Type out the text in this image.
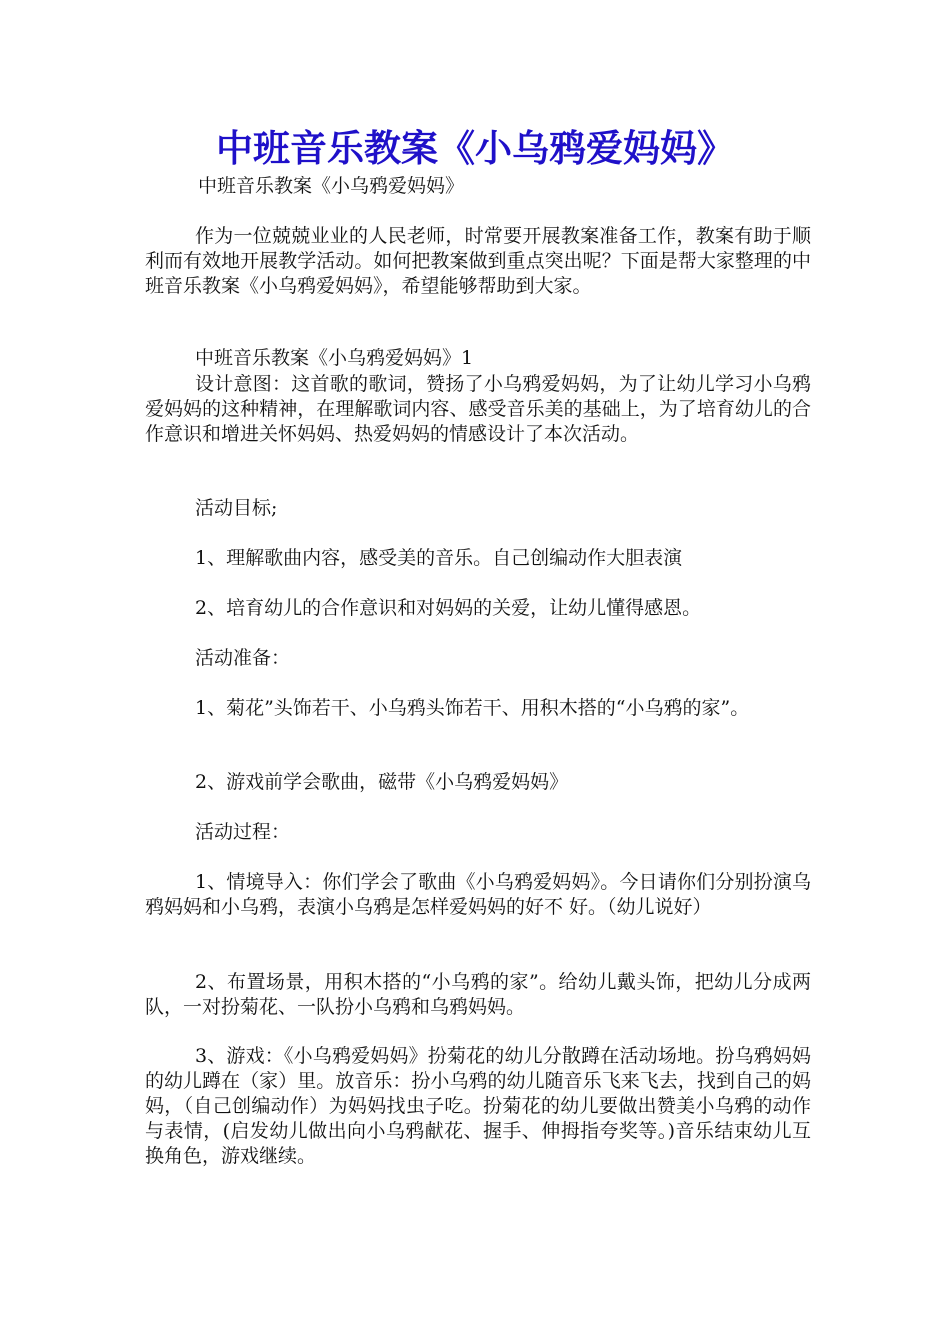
中班音乐教案《小乌鸦爱妈妈》
中班音乐教案《小乌鸦爱妈妈》

作为一位兢兢业业的人民老师，时常要开展教案准备工作，教案有助于顺利而有效地开展教学活动。如何把教案做到重点突出呢？下面是帮大家整理的中班音乐教案《小乌鸦爱妈妈》，希望能够帮助到大家。

中班音乐教案《小乌鸦爱妈妈》1

设计意图：这首歌的歌词，赞扬了小乌鸦爱妈妈，为了让幼儿学习小乌鸦爱妈妈的这种精神，在理解歌词内容、感受音乐美的基础上，为了培育幼儿的合作意识和增进关怀妈妈、热爱妈妈的情感设计了本次活动。

活动目标;

1、理解歌曲内容，感受美的音乐。自己创编动作大胆表演

2、培育幼儿的合作意识和对妈妈的关爱，让幼儿懂得感恩。

活动准备：

1、菊花”头饰若干、小乌鸦头饰若干、用积木搭的“小乌鸦的家”。

2、游戏前学会歌曲，磁带《小乌鸦爱妈妈》

活动过程：

1、情境导入：你们学会了歌曲《小乌鸦爱妈妈》。今日请你们分别扮演乌鸦妈妈和小乌鸦，表演小乌鸦是怎样爱妈妈的好不 好。（幼儿说好）

2、布置场景，用积木搭的“小乌鸦的家”。给幼儿戴头饰，把幼儿分成两队，一对扮菊花、一队扮小乌鸦和乌鸦妈妈。

3、游戏：《小乌鸦爱妈妈》扮菊花的幼儿分散蹲在活动场地。扮乌鸦妈妈的幼儿蹲在（家）里。放音乐：扮小乌鸦的幼儿随音乐飞来飞去，找到自己的妈妈，（自己创编动作）为妈妈找虫子吃。扮菊花的幼儿要做出赞美小乌鸦的动作与表情，(启发幼儿做出向小乌鸦献花、握手、伸拇指夸奖等。)音乐结束幼儿互换角色，游戏继续。
